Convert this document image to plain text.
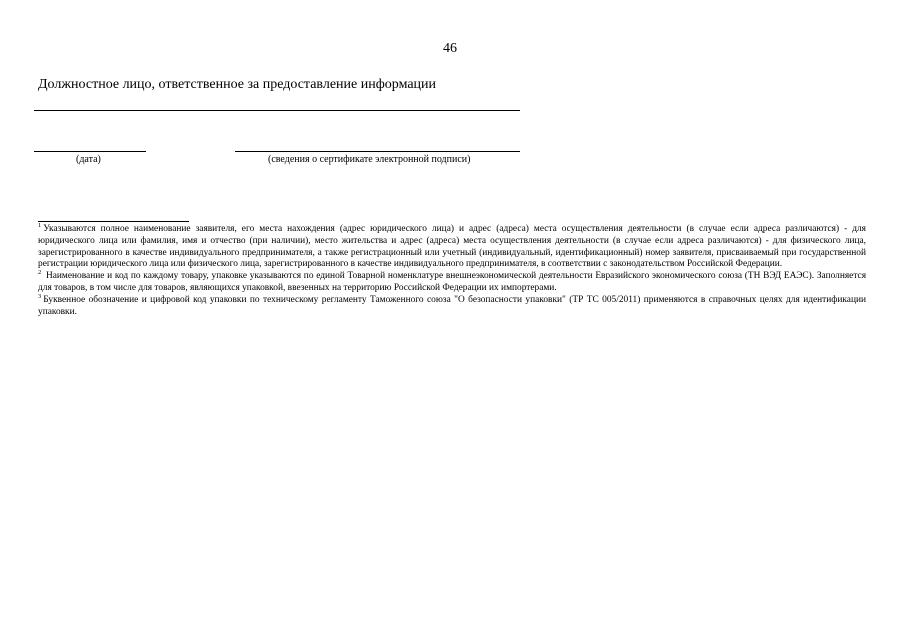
46
Должностное лицо, ответственное за предоставление информации
(дата)	(сведения о сертификате электронной подписи)

$^1$ Указываются полное наименование заявителя, его места нахождения (адрес юридического лица) и адрес (адреса) места осуществления деятельности (в случае если адреса различаются) - для юридического лица или фамилия, имя и отчество (при наличии), место жительства и адрес (адреса) места осуществления деятельности (в случае если адреса различаются) - для физического лица, зарегистрированного в качестве индивидуального предпринимателя, а также регистрационный или учетный (индивидуальный, идентификационный) номер заявителя, присваиваемый при государственной регистрации юридического лица или физического лица, зарегистрированного в качестве индивидуального предпринимателя, в соответствии с законодательством Российской Федерации.

$^2$ Наименование и код по каждому товару, упаковке указываются по единой Товарной номенклатуре внешнеэкономической деятельности Евразийского экономического союза (ТН ВЭД ЕАЭС). Заполняется для товаров, в том числе для товаров, являющихся упаковкой, ввезенных на территорию Российской Федерации их импортерами.

$^3$ Буквенное обозначение и цифровой код упаковки по техническому регламенту Таможенного союза "О безопасности упаковки" (ТР ТС 005/2011) применяются в справочных целях для идентификации упаковки.
